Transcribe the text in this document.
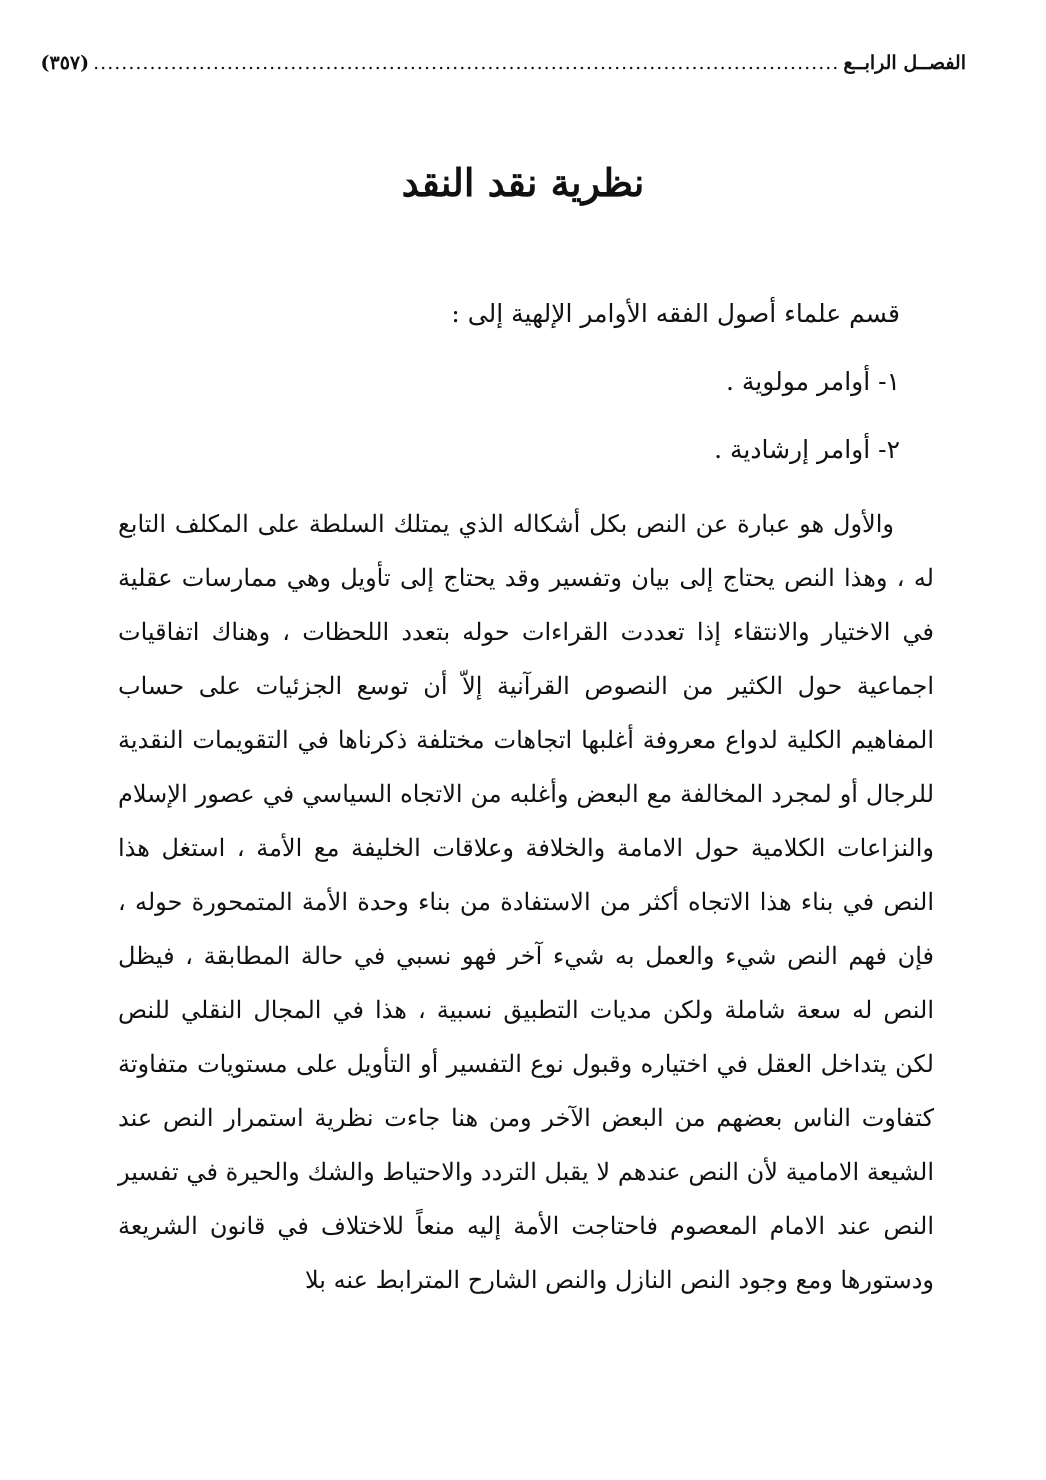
الفصــل الرابــع
..........................................................................................................
(٣٥٧)
نظرية نقد النقد

قسم علماء أصول الفقه الأوامر الإلهية إلى :

١- أوامر مولوية .

٢- أوامر إرشادية .

والأول هو عبارة عن النص بكل أشكاله الذي يمتلك السلطة على المكلف التابع له ، وهذا النص يحتاج إلى بيان وتفسير وقد يحتاج إلى تأويل وهي ممارسات عقلية في الاختيار والانتقاء إذا تعددت القراءات حوله بتعدد اللحظات ، وهناك اتفاقيات اجماعية حول الكثير من النصوص القرآنية إلاّ أن توسع الجزئيات على حساب المفاهيم الكلية لدواع معروفة أغلبها اتجاهات مختلفة ذكرناها في التقويمات النقدية للرجال أو لمجرد المخالفة مع البعض وأغلبه من الاتجاه السياسي في عصور الإسلام والنزاعات الكلامية حول الامامة والخلافة وعلاقات الخليفة مع الأمة ، استغل هذا النص في بناء هذا الاتجاه أكثر من الاستفادة من بناء وحدة الأمة المتمحورة حوله ، فإن فهم النص شيء والعمل به شيء آخر فهو نسبي في حالة المطابقة ، فيظل النص له سعة شاملة ولكن مديات التطبيق نسبية ، هذا في المجال النقلي للنص لكن يتداخل العقل في اختياره وقبول نوع التفسير أو التأويل على مستويات متفاوتة كتفاوت الناس بعضهم من البعض الآخر ومن هنا جاءت نظرية استمرار النص عند الشيعة الامامية لأن النص عندهم لا يقبل التردد والاحتياط والشك والحيرة في تفسير النص عند الامام المعصوم فاحتاجت الأمة إليه منعاً للاختلاف في قانون الشريعة ودستورها ومع وجود النص النازل والنص الشارح المترابط عنه بلا
